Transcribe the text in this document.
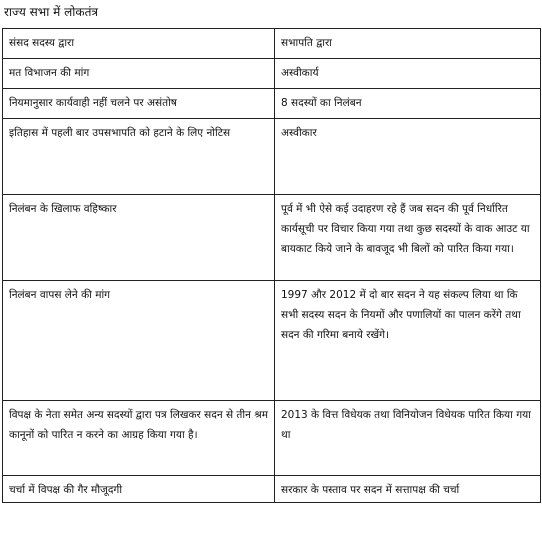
राज्य सभा में लोकतंत्र
संसद सदस्य द्वारा	सभापति द्वारा
मत विभाजन की मांग	अस्वीकार्य
नियमानुसार कार्यवाही नहीं चलने पर असंतोष	8 सदस्यों का निलंबन
इतिहास में पहली बार उपसभापति को हटाने के लिए नोटिस	अस्वीकार
निलंबन के खिलाफ वहिष्कार	पूर्व में भी ऐसे कई उदाहरण रहे हैं जब सदन की पूर्व निर्धारित कार्यसूची पर विचार किया गया तथा कुछ सदस्यों के वाक आउट या बायकाट किये जाने के बावजूद भी बिलों को पारित किया गया।
निलंबन वापस लेने की मांग	1997 और 2012 में दो बार सदन ने यह संकल्प लिया था कि सभी सदस्य सदन के नियमों और पणालियों का पालन करेंगे तथा सदन की गरिमा बनाये रखेंगे।
विपक्ष के नेता समेत अन्य सदस्यों द्वारा पत्र लिखकर सदन से तीन श्रम कानूनों को पारित न करने का आग्रह किया गया है।	2013 के वित्त विधेयक तथा विनियोजन विधेयक पारित किया गया था
चर्चा में विपक्ष की गैर मौजूदगी	सरकार के पस्ताव पर सदन में सत्तापक्ष की चर्चा
